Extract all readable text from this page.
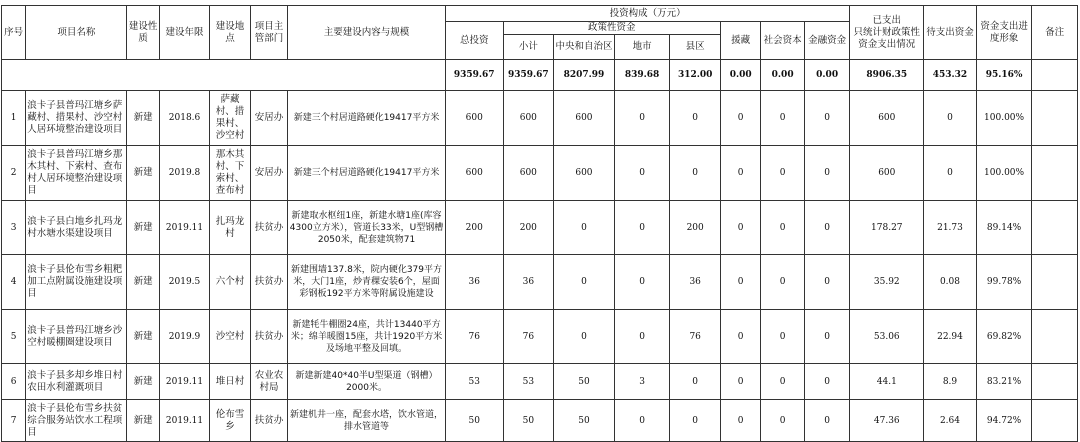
序号	项目名称	建设性质	建设年限	建设地点	项目主管部门	主要建设内容与规模	投资构成（万元）								已支出
只统计财政策性资金支出情况	待支出资金	资金支出进度形象	备注
							总投资	政策性资金				援藏	社会资本	金融资金				
								小计	中央和自治区	地市	县区							
							9359.67	9359.67	8207.99	839.68	312.00	0.00	0.00	0.00	8906.35	453.32	95.16%	
1	浪卡子县普玛江塘乡萨藏村、措果村、沙空村人居环境整治建设项目	新建	2018.6	萨藏村、措果村、沙空村	安居办	新建三个村居道路硬化19417平方米	600	600	600	0	0	0	0	0	600	0	100.00%	
2	浪卡子县普玛江塘乡那木其村、下索村、查布村人居环境整治建设项目	新建	2019.8	那木其村、下索村、查布村	安居办	新建三个村居道路硬化19417平方米	600	600	600	0	0	0	0	0	600	0	100.00%	
3	浪卡子县白地乡扎玛龙村水塘水渠建设项目	新建	2019.11	扎玛龙村	扶贫办	新建取水枢纽1座，新建水塘1座(库容4300立方米），管道长33米，U型钢槽2050米，配套建筑物71	200	200	0	0	200	0	0	0	178.27	21.73	89.14%	
4	浪卡子县伦布雪乡粗粑加工点附属设施建设项目	新建	2019.5	六个村	扶贫办	新建围墙137.8米，院内硬化379平方米，大门1座，炒青稞安装6个，屋面彩钢板192平方米等附属设施建设	36	36	0	0	36	0	0	0	35.92	0.08	99.78%	
5	浪卡子县普玛江塘乡沙空村暖棚圈建设项目	新建	2019.9	沙空村	扶贫办	新建牦牛棚圈24座，共计13440平方米；绵羊暖圈15座，共计1920平方米及场地平整及回填。	76	76	0	0	76	0	0	0	53.06	22.94	69.82%	
6	浪卡子县多却乡堆日村农田水利灌溉项目	新建	2019.11	堆日村	农业农村局	新建新建40*40半U型渠道（钢槽）2000米。	53	53	50	3	0	0	0	0	44.1	8.9	83.21%	
7	浪卡子县伦布雪乡扶贫综合服务站饮水工程项目	新建	2019.11	伦布雪乡	扶贫办	新建机井一座，配套水塔，饮水管道，排水管道等	50	50	50	0	0	0	0	0	47.36	2.64	94.72%	
